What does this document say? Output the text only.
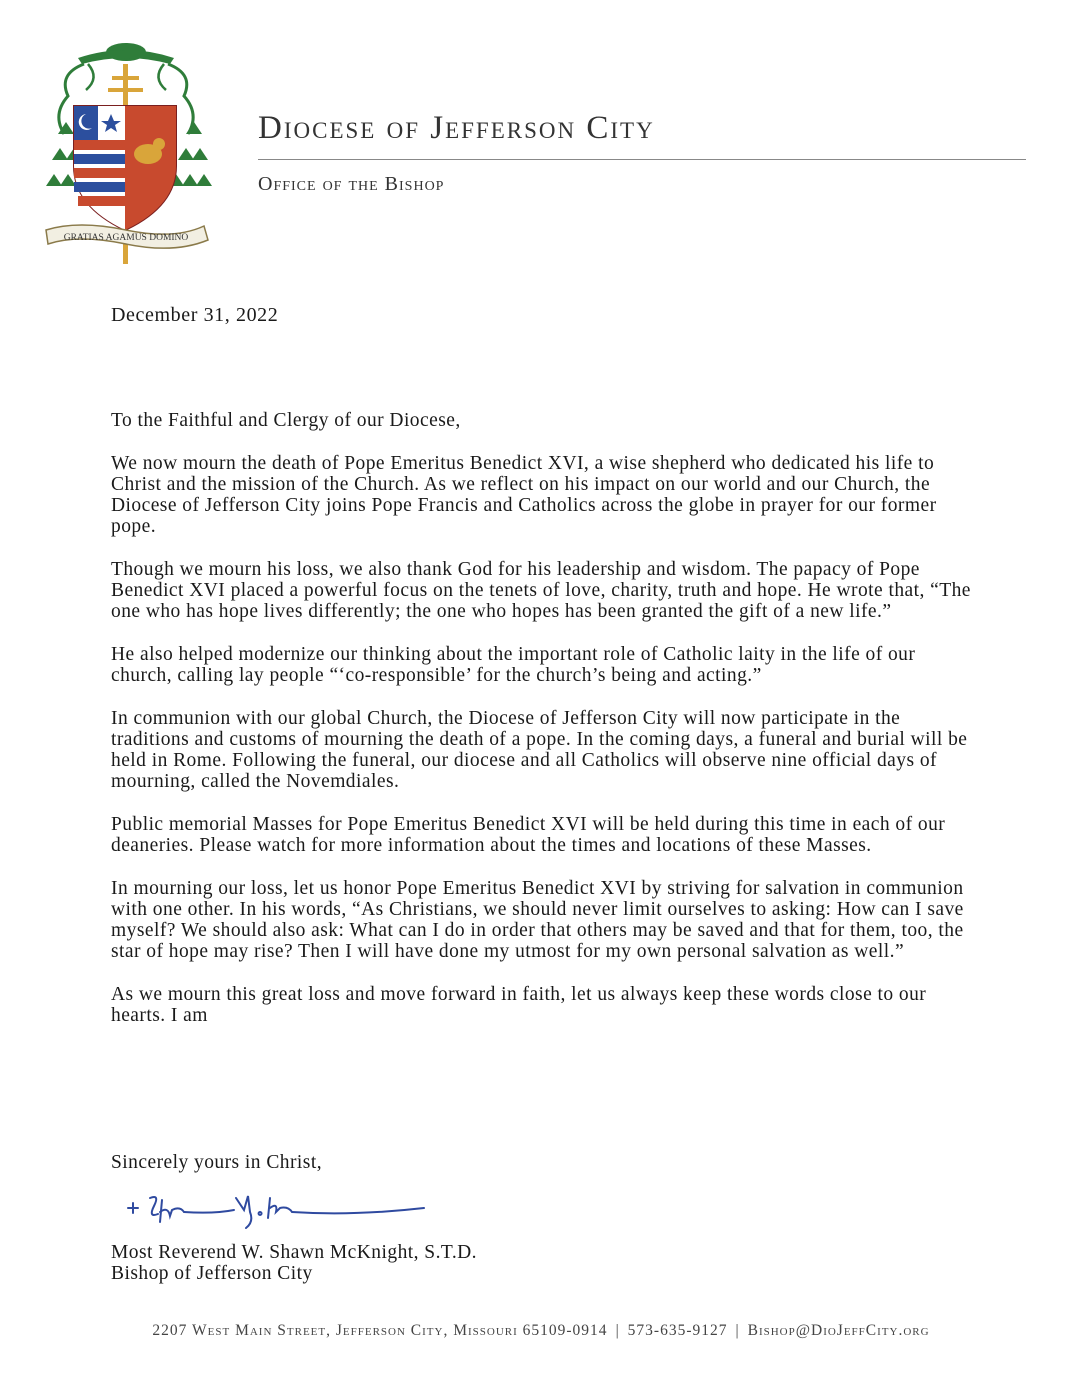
GRATIAS AGAMUS DOMINO
Diocese of Jefferson City
Office of the Bishop
December 31, 2022

To the Faithful and Clergy of our Diocese,

We now mourn the death of Pope Emeritus Benedict XVI, a wise shepherd who dedicated his life to Christ and the mission of the Church. As we reflect on his impact on our world and our Church, the Diocese of Jefferson City joins Pope Francis and Catholics across the globe in prayer for our former pope.

Though we mourn his loss, we also thank God for his leadership and wisdom. The papacy of Pope Benedict XVI placed a powerful focus on the tenets of love, charity, truth and hope. He wrote that, “The one who has hope lives differently; the one who hopes has been granted the gift of a new life.”

He also helped modernize our thinking about the important role of Catholic laity in the life of our church, calling lay people “‘co-responsible’ for the church’s being and acting.”

In communion with our global Church, the Diocese of Jefferson City will now participate in the traditions and customs of mourning the death of a pope. In the coming days, a funeral and burial will be held in Rome. Following the funeral, our diocese and all Catholics will observe nine official days of mourning, called the Novemdiales.

Public memorial Masses for Pope Emeritus Benedict XVI will be held during this time in each of our deaneries. Please watch for more information about the times and locations of these Masses.

In mourning our loss, let us honor Pope Emeritus Benedict XVI by striving for salvation in communion with one other. In his words, “As Christians, we should never limit ourselves to asking: How can I save myself? We should also ask: What can I do in order that others may be saved and that for them, too, the star of hope may rise? Then I will have done my utmost for my own personal salvation as well.”

As we mourn this great loss and move forward in faith, let us always keep these words close to our hearts. I am

Sincerely yours in Christ,
Most Reverend W. Shawn McKnight, S.T.D.
Bishop of Jefferson City
2207 West Main Street, Jefferson City, Missouri 65109-0914 | 573-635-9127 | Bishop@DioJeffCity.org
